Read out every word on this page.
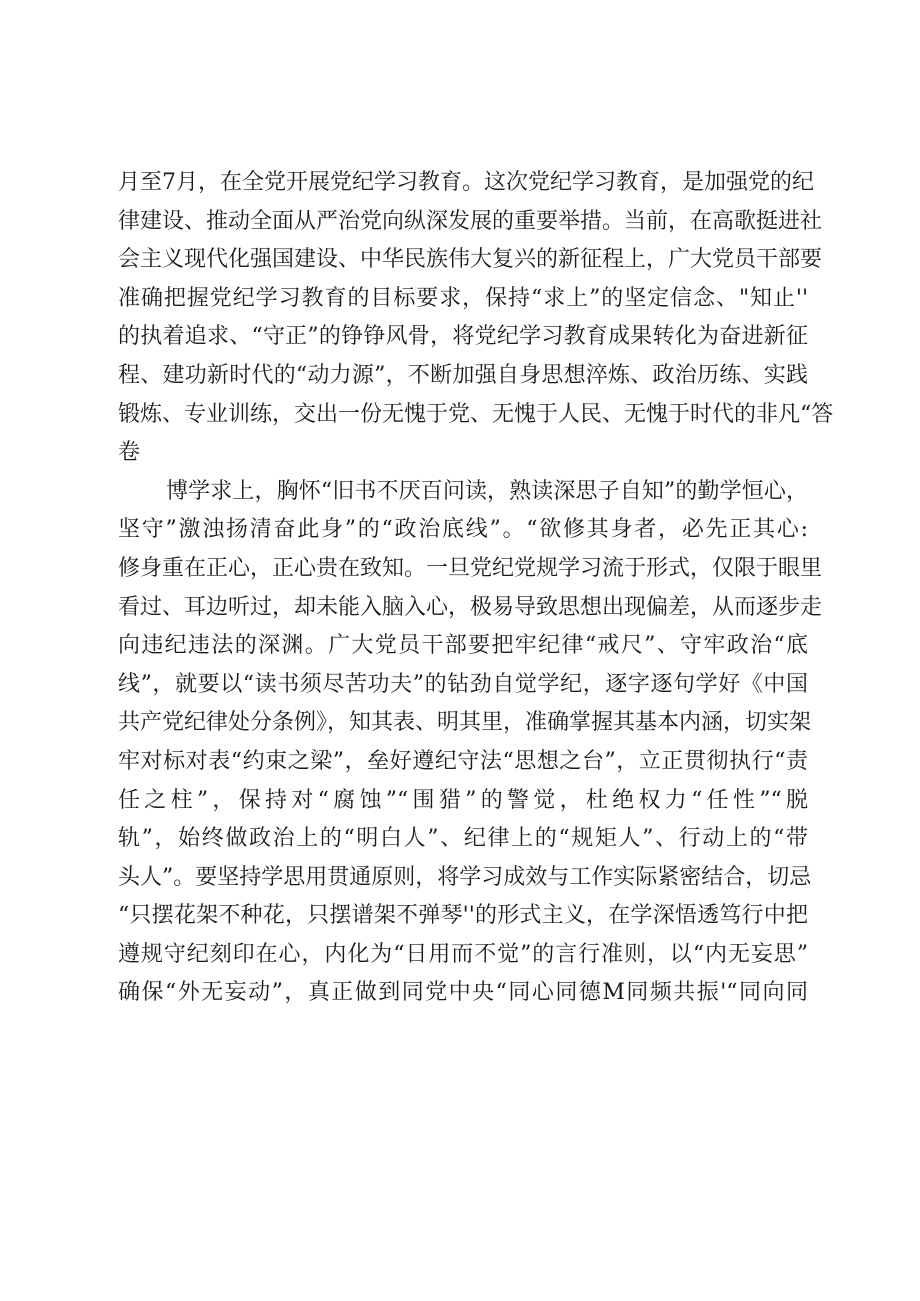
月至7月，在全党开展党纪学习教育。这次党纪学习教育，是加强党的纪
律建设、推动全面从严治党向纵深发展的重要举措。当前，在高歌挺进社
会主义现代化强国建设、中华民族伟大复兴的新征程上，广大党员干部要
准确把握党纪学习教育的目标要求，保持“求上”的坚定信念、"知止''
的执着追求、“守正”的铮铮风骨，将党纪学习教育成果转化为奋进新征
程、建功新时代的“动力源”，不断加强自身思想淬炼、政治历练、实践
锻炼、专业训练，交出一份无愧于党、无愧于人民、无愧于时代的非凡“答
卷
博学求上，胸怀“旧书不厌百问读，熟读深思子自知”的勤学恒心，
坚守”激浊扬清奋此身”的“政治底线”。“欲修其身者，必先正其心:
修身重在正心，正心贵在致知。一旦党纪党规学习流于形式，仅限于眼里
看过、耳边听过，却未能入脑入心，极易导致思想出现偏差，从而逐步走
向违纪违法的深渊。广大党员干部要把牢纪律“戒尺”、守牢政治“底
线”，就要以“读书须尽苦功夫”的钻劲自觉学纪，逐字逐句学好《中国
共产党纪律处分条例》，知其表、明其里，准确掌握其基本内涵，切实架
牢对标对表“约束之梁”，垒好遵纪守法“思想之台”，立正贯彻执行“责
任之柱”，保持对“腐蚀”“围猎”的警觉，杜绝权力“任性”“脱
轨”，始终做政治上的“明白人”、纪律上的“规矩人”、行动上的“带
头人”。要坚持学思用贯通原则，将学习成效与工作实际紧密结合，切忌
“只摆花架不种花，只摆谱架不弹琴''的形式主义，在学深悟透笃行中把
遵规守纪刻印在心，内化为“日用而不觉”的言行准则，以“内无妄思”
确保“外无妄动”，真正做到同党中央“同心同德M同频共振'“同向同
